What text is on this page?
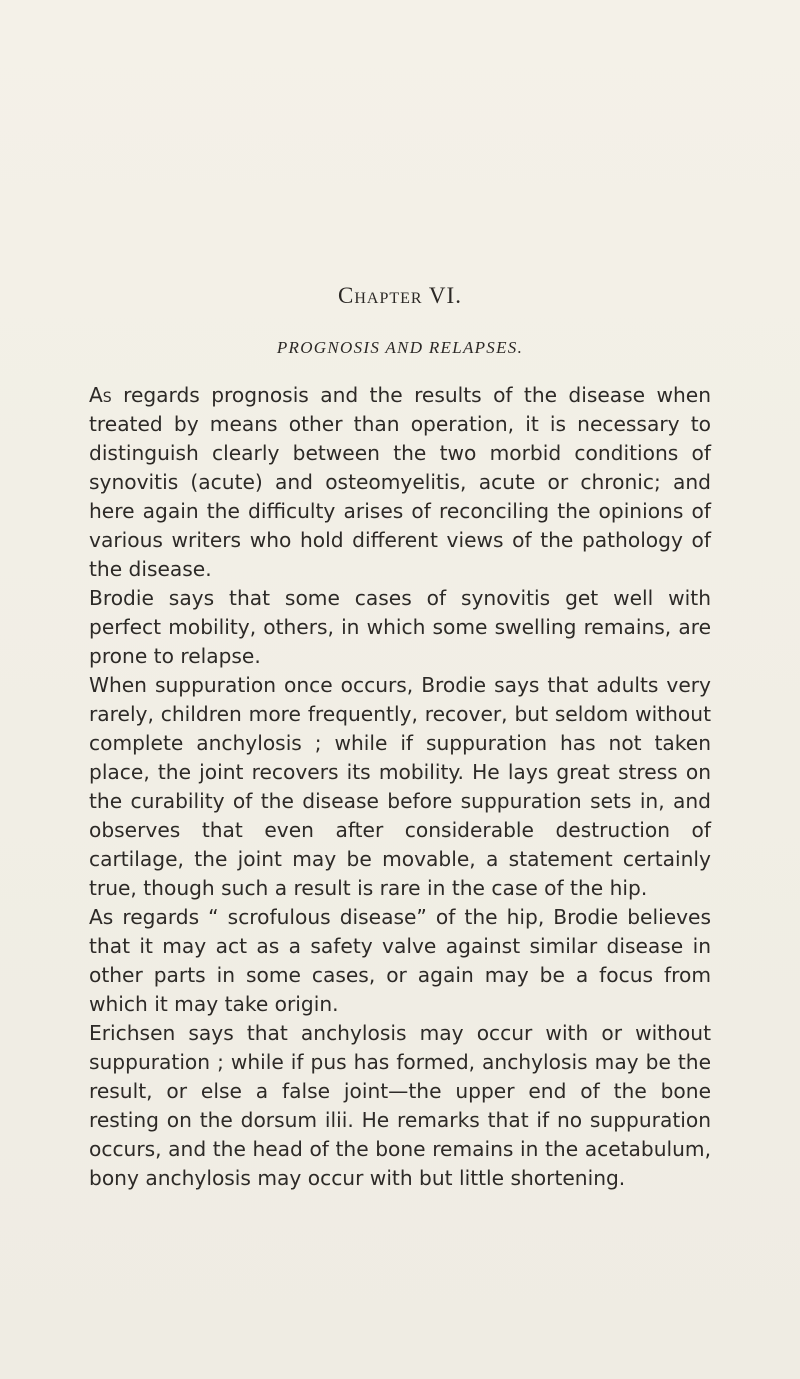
Chapter VI.
PROGNOSIS AND RELAPSES.

As regards prognosis and the results of the disease when treated by means other than operation, it is necessary to distinguish clearly between the two morbid conditions of synovitis (acute) and osteomyelitis, acute or chronic; and here again the difficulty arises of reconciling the opinions of various writers who hold different views of the pathology of the disease.

Brodie says that some cases of synovitis get well with perfect mobility, others, in which some swelling remains, are prone to relapse.

When suppuration once occurs, Brodie says that adults very rarely, children more frequently, recover, but seldom without complete anchylosis ; while if suppuration has not taken place, the joint recovers its mobility. He lays great stress on the curability of the disease before suppuration sets in, and observes that even after considerable destruction of cartilage, the joint may be movable, a statement certainly true, though such a result is rare in the case of the hip.

As regards “ scrofulous disease” of the hip, Brodie believes that it may act as a safety valve against similar disease in other parts in some cases, or again may be a focus from which it may take origin.

Erichsen says that anchylosis may occur with or without suppuration ; while if pus has formed, anchylosis may be the result, or else a false joint—the upper end of the bone resting on the dorsum ilii. He remarks that if no suppuration occurs, and the head of the bone remains in the acetabulum, bony anchylosis may occur with but little shortening.
